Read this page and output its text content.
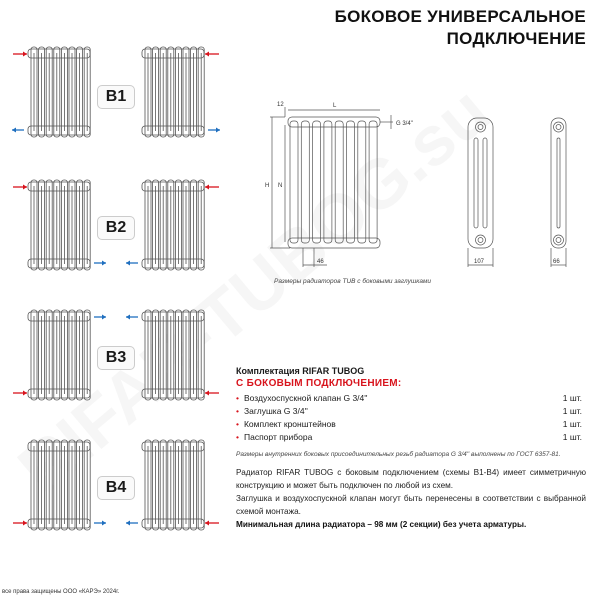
БОКОВОЕ УНИВЕРСАЛЬНОЕ
ПОДКЛЮЧЕНИЕ
B1
B2
B3
B4
12	L
G 3/4''
H N
46	107	66
Размеры радиаторов TUB с боковыми заглушками
Комплектация RIFAR TUBOG
С БОКОВЫМ ПОДКЛЮЧЕНИЕМ:
• Воздухоспускной клапан G 3/4''	1 шт.
• Заглушка G 3/4''	1 шт.
• Комплект кронштейнов	1 шт.
• Паспорт прибора	1 шт.
Размеры внутренних боковых присоединительных резьб радиатора G 3/4'' выполнены по ГОСТ 6357-81.

Радиатор RIFAR TUBOG с боковым подключением (схемы B1-B4) имеет симметричную конструкцию и может быть подключен по любой из схем.

Заглушка и воздухоспускной клапан могут быть перенесены в соответствии с выбранной схемой монтажа.

Минимальная длина радиатора – 98 мм (2 секции) без учета арматуры.

все права защищены ООО «КАРЭ» 2024г.
